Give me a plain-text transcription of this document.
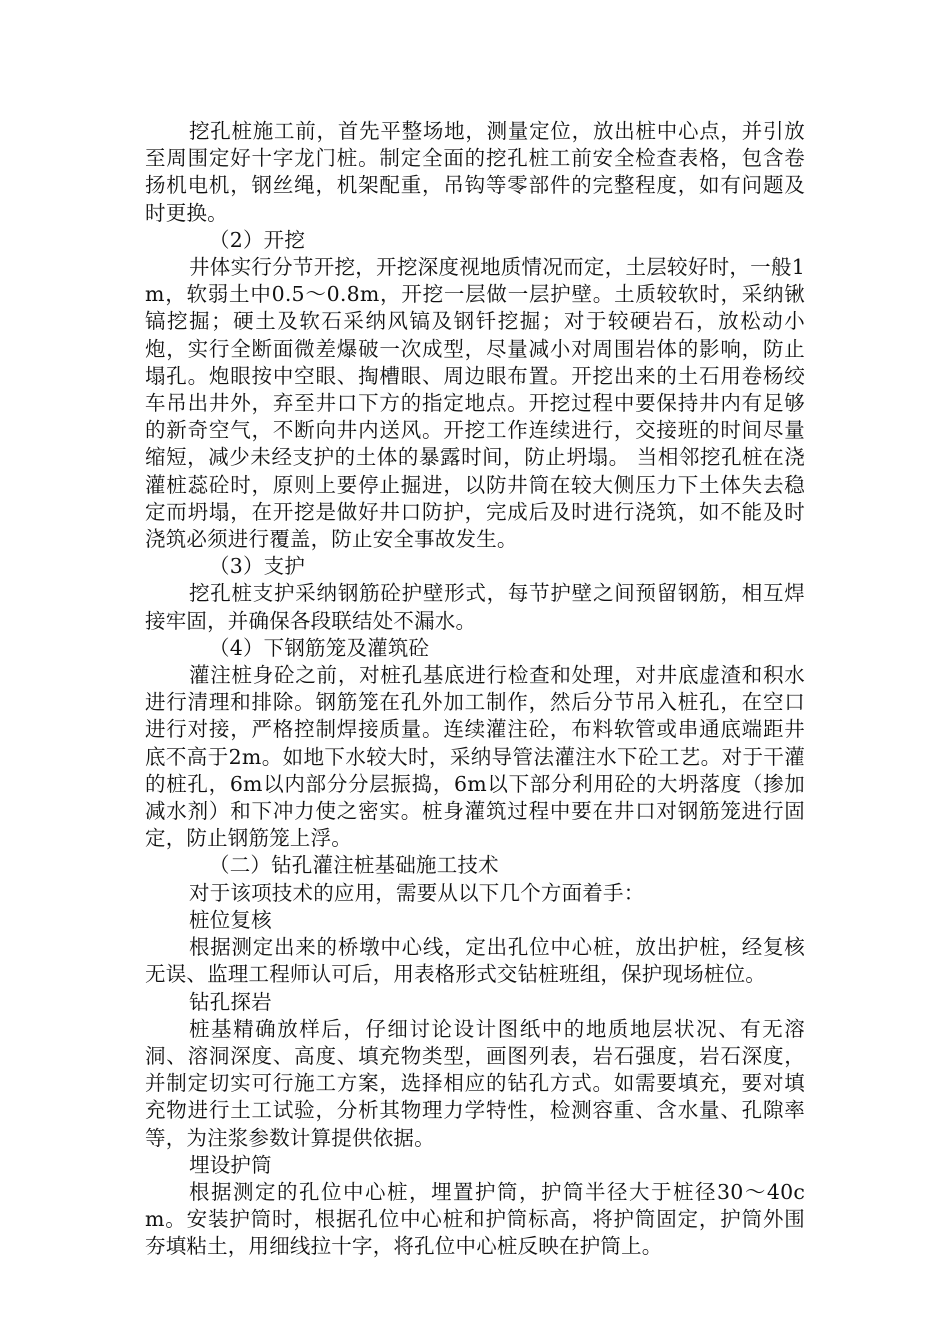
挖孔桩施工前，首先平整场地，测量定位，放出桩中心点，并引放至周围定好十字龙门桩。制定全面的挖孔桩工前安全检查表格，包含卷扬机电机，钢丝绳，机架配重，吊钩等零部件的完整程度，如有问题及时更换。

（2）开挖

井体实行分节开挖，开挖深度视地质情况而定，土层较好时，一般1m，软弱土中0.5～0.8m，开挖一层做一层护壁。土质较软时，采纳锹镐挖掘；硬土及软石采纳风镐及钢钎挖掘；对于较硬岩石，放松动小炮，实行全断面微差爆破一次成型，尽量减小对周围岩体的影响，防止塌孔。炮眼按中空眼、掏槽眼、周边眼布置。开挖出来的土石用卷杨绞车吊出井外，弃至井口下方的指定地点。开挖过程中要保持井内有足够的新奇空气，不断向井内送风。开挖工作连续进行，交接班的时间尽量缩短，减少未经支护的土体的暴露时间，防止坍塌。 当相邻挖孔桩在浇灌桩蕊砼时，原则上要停止掘进，以防井筒在较大侧压力下土体失去稳定而坍塌，在开挖是做好井口防护，完成后及时进行浇筑，如不能及时浇筑必须进行覆盖，防止安全事故发生。

（3）支护

挖孔桩支护采纳钢筋砼护壁形式，每节护壁之间预留钢筋，相互焊接牢固，并确保各段联结处不漏水。

（4）下钢筋笼及灌筑砼

灌注桩身砼之前，对桩孔基底进行检查和处理，对井底虚渣和积水进行清理和排除。钢筋笼在孔外加工制作，然后分节吊入桩孔，在空口进行对接，严格控制焊接质量。连续灌注砼，布料软管或串通底端距井底不高于2m。如地下水较大时，采纳导管法灌注水下砼工艺。对于干灌的桩孔，6m以内部分分层振捣，6m以下部分利用砼的大坍落度（掺加减水剂）和下冲力使之密实。桩身灌筑过程中要在井口对钢筋笼进行固定，防止钢筋笼上浮。

（二）钻孔灌注桩基础施工技术

对于该项技术的应用，需要从以下几个方面着手：

桩位复核

根据测定出来的桥墩中心线，定出孔位中心桩，放出护桩，经复核无误、监理工程师认可后，用表格形式交钻桩班组，保护现场桩位。

钻孔探岩

桩基精确放样后，仔细讨论设计图纸中的地质地层状况、有无溶洞、溶洞深度、高度、填充物类型，画图列表，岩石强度，岩石深度，并制定切实可行施工方案，选择相应的钻孔方式。如需要填充，要对填充物进行土工试验，分析其物理力学特性，检测容重、含水量、孔隙率等，为注浆参数计算提供依据。

埋设护筒

根据测定的孔位中心桩，埋置护筒，护筒半径大于桩径30～40cm。安装护筒时，根据孔位中心桩和护筒标高，将护筒固定，护筒外围夯填粘土，用细线拉十字，将孔位中心桩反映在护筒上。
